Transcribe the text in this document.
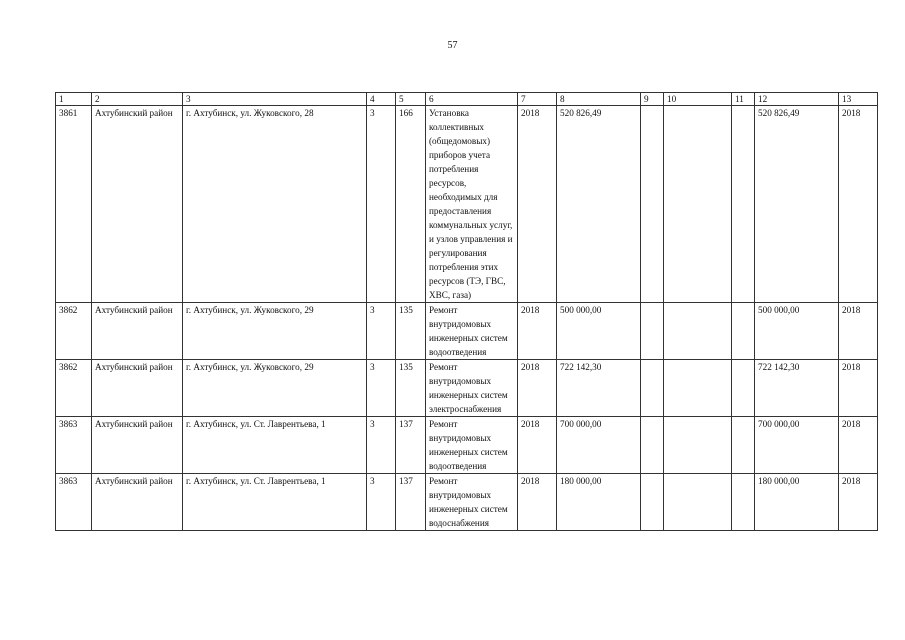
57
1	2	3	4	5	6	7	8	9	10	11	12	13
3861	Ахтубинский район	г. Ахтубинск, ул. Жуковского, 28	3	166	Установка коллективных (общедомовых) приборов учета потребления ресурсов, необходимых для предоставления коммунальных услуг, и узлов управления и регулирования потребления этих ресурсов (ТЭ, ГВС, ХВС, газа)	2018	520 826,49				520 826,49	2018
3862	Ахтубинский район	г. Ахтубинск, ул. Жуковского, 29	3	135	Ремонт внутридомовых инженерных систем водоотведения	2018	500 000,00				500 000,00	2018
3862	Ахтубинский район	г. Ахтубинск, ул. Жуковского, 29	3	135	Ремонт внутридомовых инженерных систем электроснабжения	2018	722 142,30				722 142,30	2018
3863	Ахтубинский район	г. Ахтубинск, ул. Ст. Лаврентьева, 1	3	137	Ремонт внутридомовых инженерных систем водоотведения	2018	700 000,00				700 000,00	2018
3863	Ахтубинский район	г. Ахтубинск, ул. Ст. Лаврентьева, 1	3	137	Ремонт внутридомовых инженерных систем водоснабжения	2018	180 000,00				180 000,00	2018
